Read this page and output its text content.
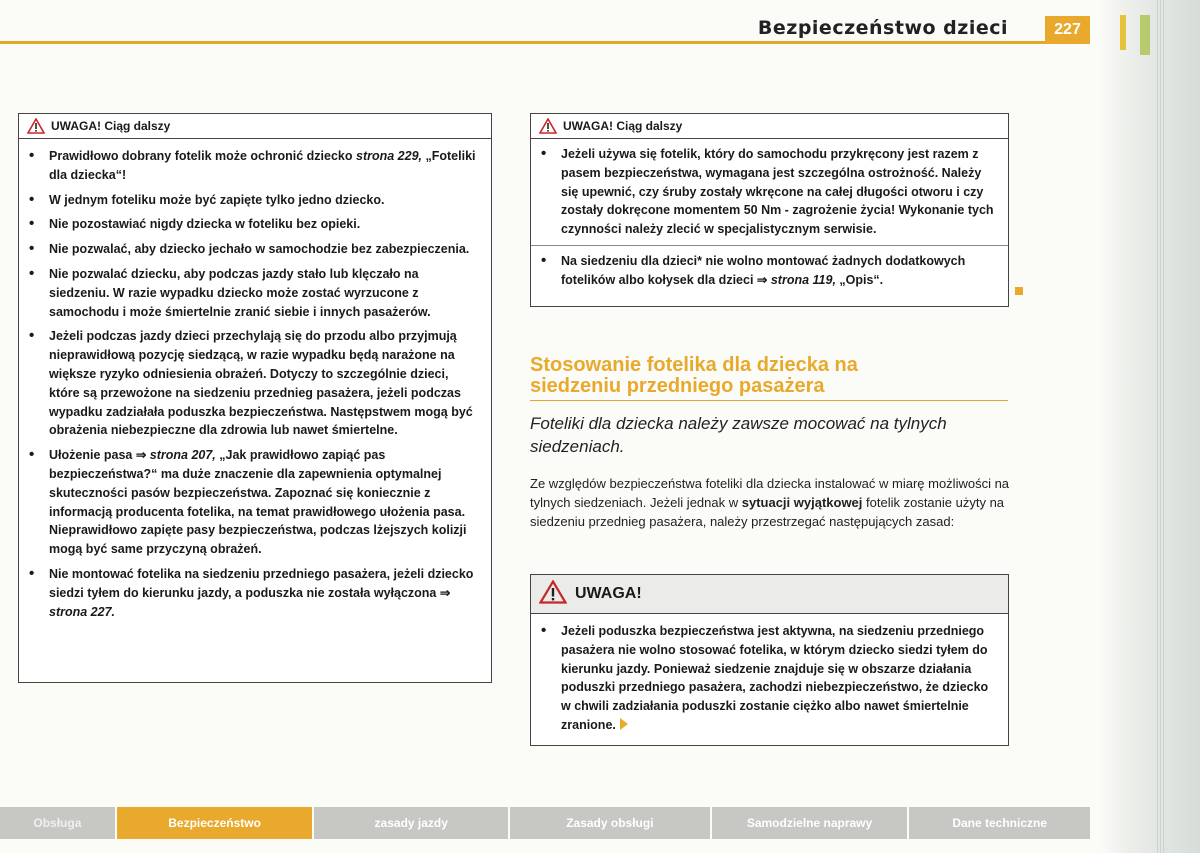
Bezpieczeństwo dzieci	227
UWAGA! Ciąg dalszy
• Prawidłowo dobrany fotelik może ochronić dziecko strona 229, „Foteliki dla dziecka“!
• W jednym foteliku może być zapięte tylko jedno dziecko.
• Nie pozostawiać nigdy dziecka w foteliku bez opieki.
• Nie pozwalać, aby dziecko jechało w samochodzie bez zabezpieczenia.
• Nie pozwalać dziecku, aby podczas jazdy stało lub klęczało na siedzeniu. W razie wypadku dziecko może zostać wyrzucone z samochodu i może śmiertelnie zranić siebie i innych pasażerów.
• Jeżeli podczas jazdy dzieci przechylają się do przodu albo przyjmują nieprawidłową pozycję siedzącą, w razie wypadku będą narażone na większe ryzyko odniesienia obrażeń. Dotyczy to szczególnie dzieci, które są przewożone na siedzeniu przednieg pasażera, jeżeli podczas wypadku zadziałała poduszka bezpieczeństwa. Następstwem mogą być obrażenia niebezpieczne dla zdrowia lub nawet śmiertelne.
• Ułożenie pasa ⇒ strona 207, „Jak prawidłowo zapiąć pas bezpieczeństwa?“ ma duże znaczenie dla zapewnienia optymalnej skuteczności pasów bezpieczeństwa. Zapoznać się koniecznie z informacją producenta fotelika, na temat prawidłowego ułożenia pasa. Nieprawidłowo zapięte pasy bezpieczeństwa, podczas lżejszych kolizji mogą być same przyczyną obrażeń.
• Nie montować fotelika na siedzeniu przedniego pasażera, jeżeli dziecko siedzi tyłem do kierunku jazdy, a poduszka nie została wyłączona ⇒ strona 227.
UWAGA! Ciąg dalszy
• Jeżeli używa się fotelik, który do samochodu przykręcony jest razem z pasem bezpieczeństwa, wymagana jest szczególna ostrożność. Należy się upewnić, czy śruby zostały wkręcone na całej długości otworu i czy zostały dokręcone momentem 50 Nm - zagrożenie życia! Wykonanie tych czynności należy zlecić w specjalistycznym serwisie.
• Na siedzeniu dla dzieci* nie wolno montować żadnych dodatkowych fotelików albo kołysek dla dzieci ⇒ strona 119, „Opis“.
Stosowanie fotelika dla dziecka na
siedzeniu przedniego pasażera
Foteliki dla dziecka należy zawsze mocować na tylnych siedzeniach.
Ze względów bezpieczeństwa foteliki dla dziecka instalować w miarę możliwości na tylnych siedzeniach. Jeżeli jednak w sytuacji wyjątkowej fotelik zostanie użyty na siedzeniu przednieg pasażera, należy przestrzegać następujących zasad:
UWAGA!
• Jeżeli poduszka bezpieczeństwa jest aktywna, na siedzeniu przedniego pasażera nie wolno stosować fotelika, w którym dziecko siedzi tyłem do kierunku jazdy. Ponieważ siedzenie znajduje się w obszarze działania poduszki przedniego pasażera, zachodzi niebezpieczeństwo, że dziecko w chwili zadziałania poduszki zostanie ciężko albo nawet śmiertelnie zranione.
Obsługa	Bezpieczeństwo	zasady jazdy	Zasady obsługi	Samodzielne naprawy	Dane techniczne
